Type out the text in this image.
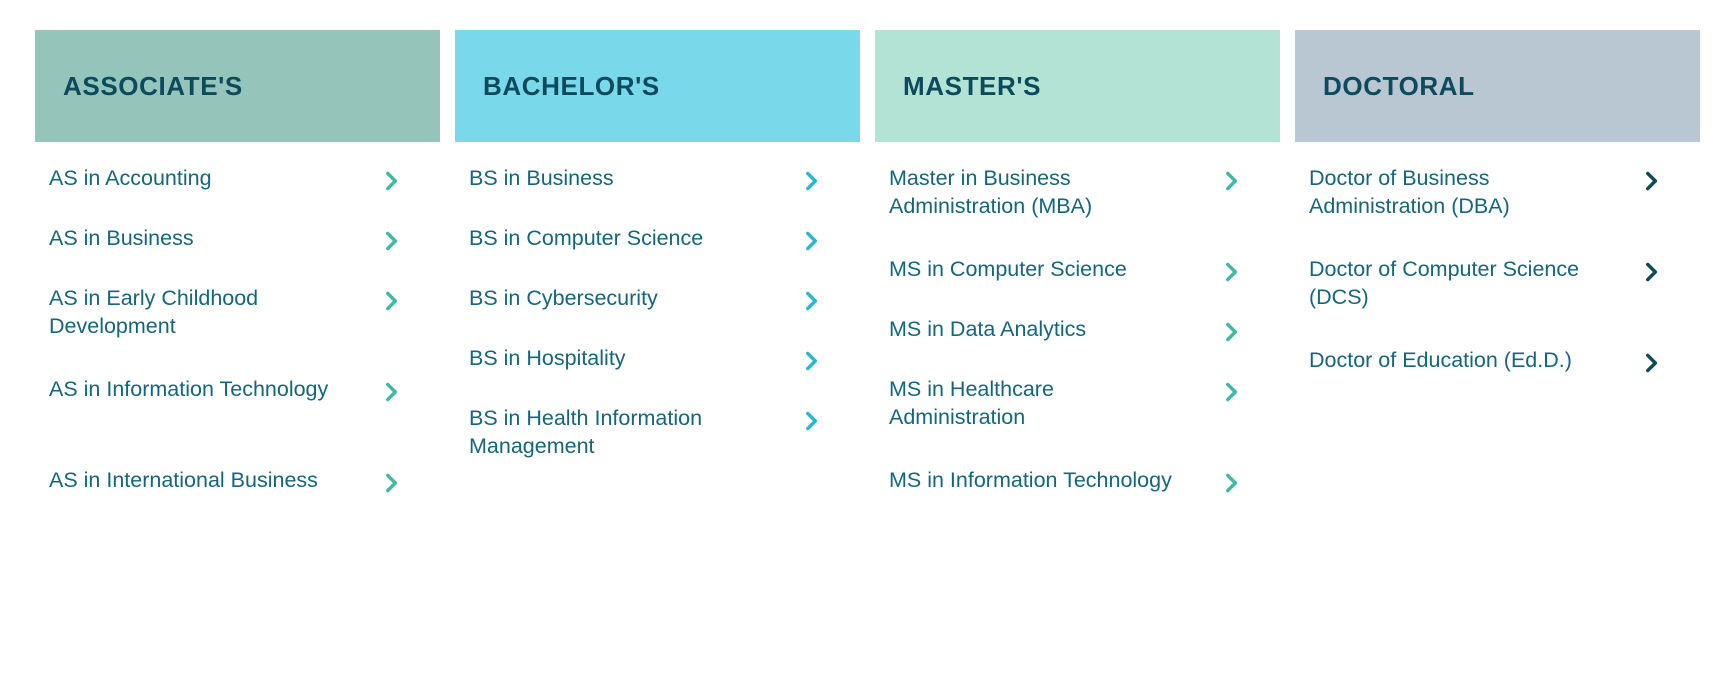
ASSOCIATE'S
AS in Accounting
AS in Business
AS in Early Childhood Development
AS in Information Technology
AS in International Business
BACHELOR'S
BS in Business
BS in Computer Science
BS in Cybersecurity
BS in Hospitality
BS in Health Information Management
MASTER'S
Master in Business Administration (MBA)
MS in Computer Science
MS in Data Analytics
MS in Healthcare Administration
MS in Information Technology
DOCTORAL
Doctor of Business Administration (DBA)
Doctor of Computer Science (DCS)
Doctor of Education (Ed.D.)
